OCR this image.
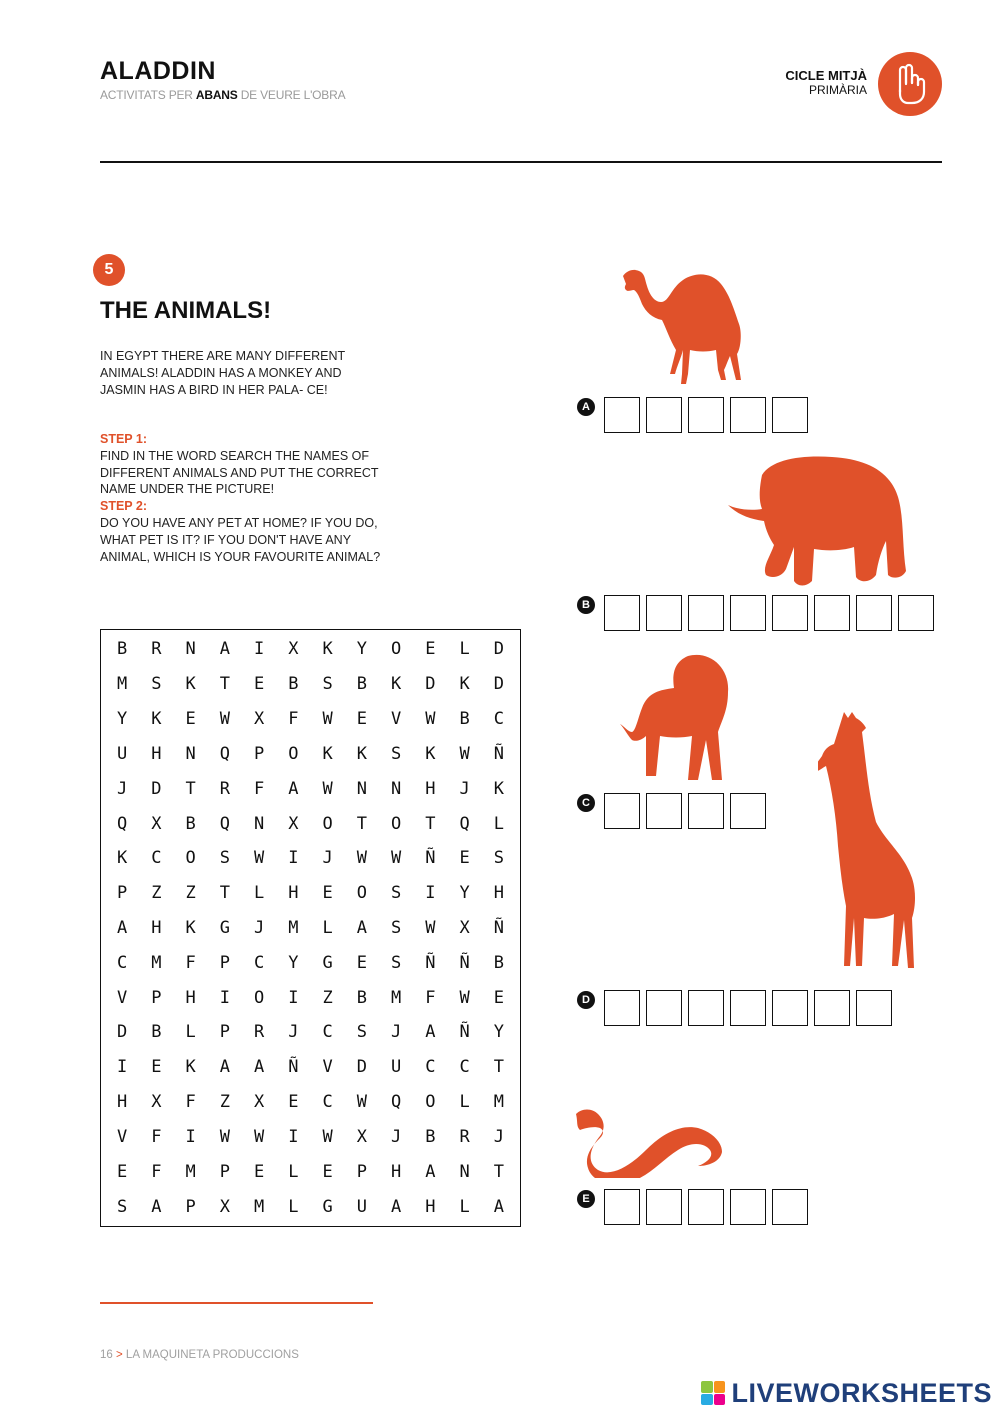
ALADDIN
ACTIVITATS PER ABANS DE VEURE L'OBRA
CICLE MITJÀ
PRIMÀRIA
5
THE ANIMALS!
IN EGYPT THERE ARE MANY DIFFERENT ANIMALS! ALADDIN HAS A MONKEY AND JASMIN HAS A BIRD IN HER PALA- CE!
STEP 1:
FIND IN THE WORD SEARCH THE NAMES OF DIFFERENT ANIMALS AND PUT THE CORRECT NAME UNDER THE PICTURE!
STEP 2:
DO YOU HAVE ANY PET AT HOME? IF YOU DO, WHAT PET IS IT? IF YOU DON'T HAVE ANY ANIMAL, WHICH IS YOUR FAVOURITE ANIMAL?
B	R	N	A	I	X	K	Y	O	E	L	D
M	S	K	T	E	B	S	B	K	D	K	D
Y	K	E	W	X	F	W	E	V	W	B	C
U	H	N	Q	P	O	K	K	S	K	W	Ñ
J	D	T	R	F	A	W	N	N	H	J	K
Q	X	B	Q	N	X	O	T	O	T	Q	L
K	C	O	S	W	I	J	W	W	Ñ	E	S
P	Z	Z	T	L	H	E	O	S	I	Y	H
A	H	K	G	J	M	L	A	S	W	X	Ñ
C	M	F	P	C	Y	G	E	S	Ñ	Ñ	B
V	P	H	I	O	I	Z	B	M	F	W	E
D	B	L	P	R	J	C	S	J	A	Ñ	Y
I	E	K	A	A	Ñ	V	D	U	C	C	T
H	X	F	Z	X	E	C	W	Q	O	L	M
V	F	I	W	W	I	W	X	J	B	R	J
E	F	M	P	E	L	E	P	H	A	N	T
S	A	P	X	M	L	G	U	A	H	L	A
A
B
C
D
E
16 > LA MAQUINETA PRODUCCIONS
LIVEWORKSHEETS
